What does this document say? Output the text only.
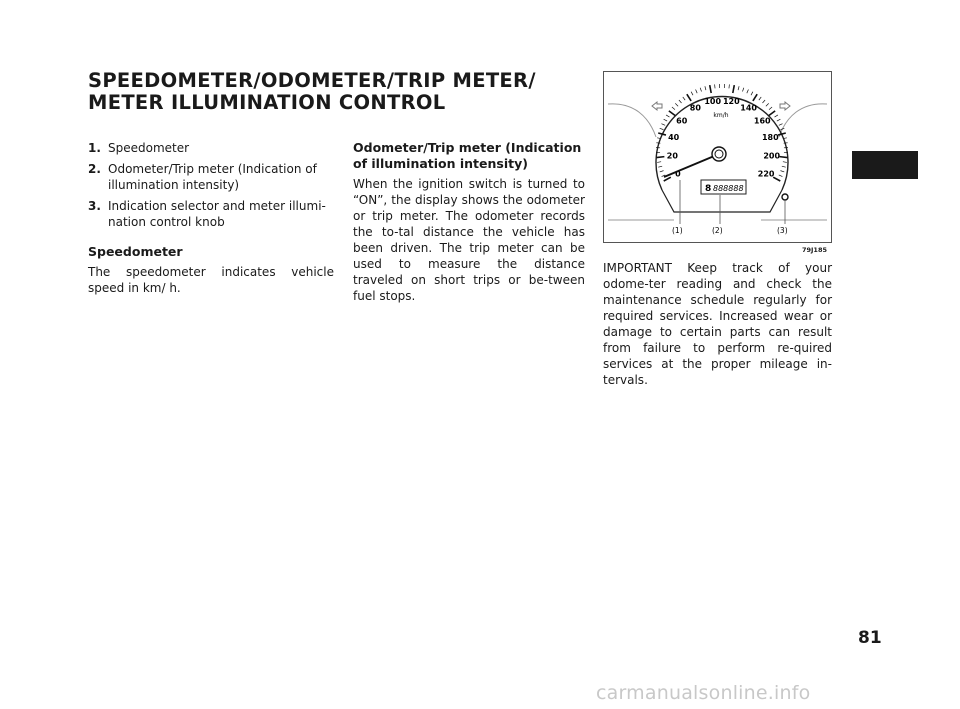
SPEEDOMETER/ODOMETER/TRIP METER/
METER ILLUMINATION CONTROL
1. Speedometer
2. Odometer/Trip meter (Indication of illumination intensity)
3. Indication selector and meter illumi-nation control knob
Speedometer

The speedometer indicates vehicle speed in km/ h.

Odometer/Trip meter (Indication of illumination intensity)

When the ignition switch is turned to “ON”, the display shows the odometer or trip meter. The odometer records the to-tal distance the vehicle has been driven. The trip meter can be used to measure the distance traveled on short trips or be-tween fuel stops.

0
20
40
60
80
100 120
140
160
180
200
220
km/h
8 888888
(1)	(2)	(3)
79J185

IMPORTANT Keep track of your odome-ter reading and check the maintenance schedule regularly for required services. Increased wear or damage to certain parts can result from failure to perform re-quired services at the proper mileage in-tervals.

81
carmanualsonline.info
